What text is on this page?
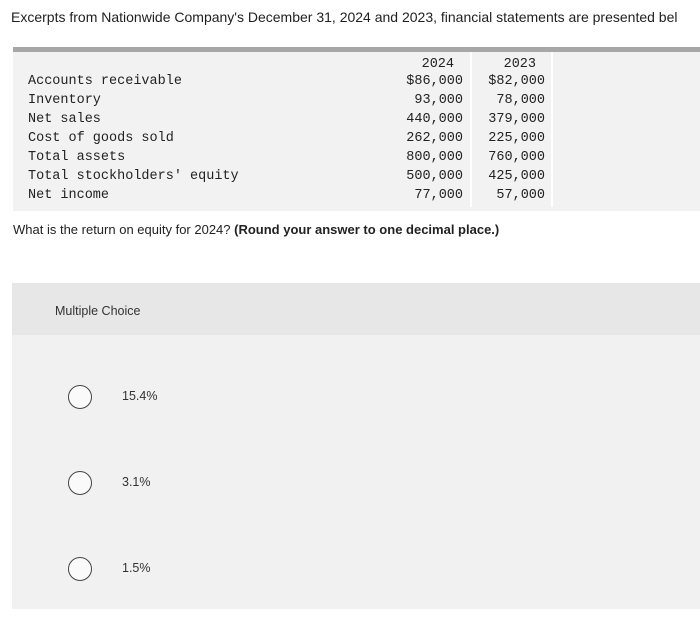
Excerpts from Nationwide Company's December 31, 2024 and 2023, financial statements are presented bel
2024	2023
Accounts receivable	$86,000	$82,000
Inventory	93,000	78,000
Net sales	440,000	379,000
Cost of goods sold	262,000	225,000
Total assets	800,000	760,000
Total stockholders' equity	500,000	425,000
Net income	77,000	57,000
What is the return on equity for 2024? (Round your answer to one decimal place.)
Multiple Choice
15.4%
3.1%
1.5%
